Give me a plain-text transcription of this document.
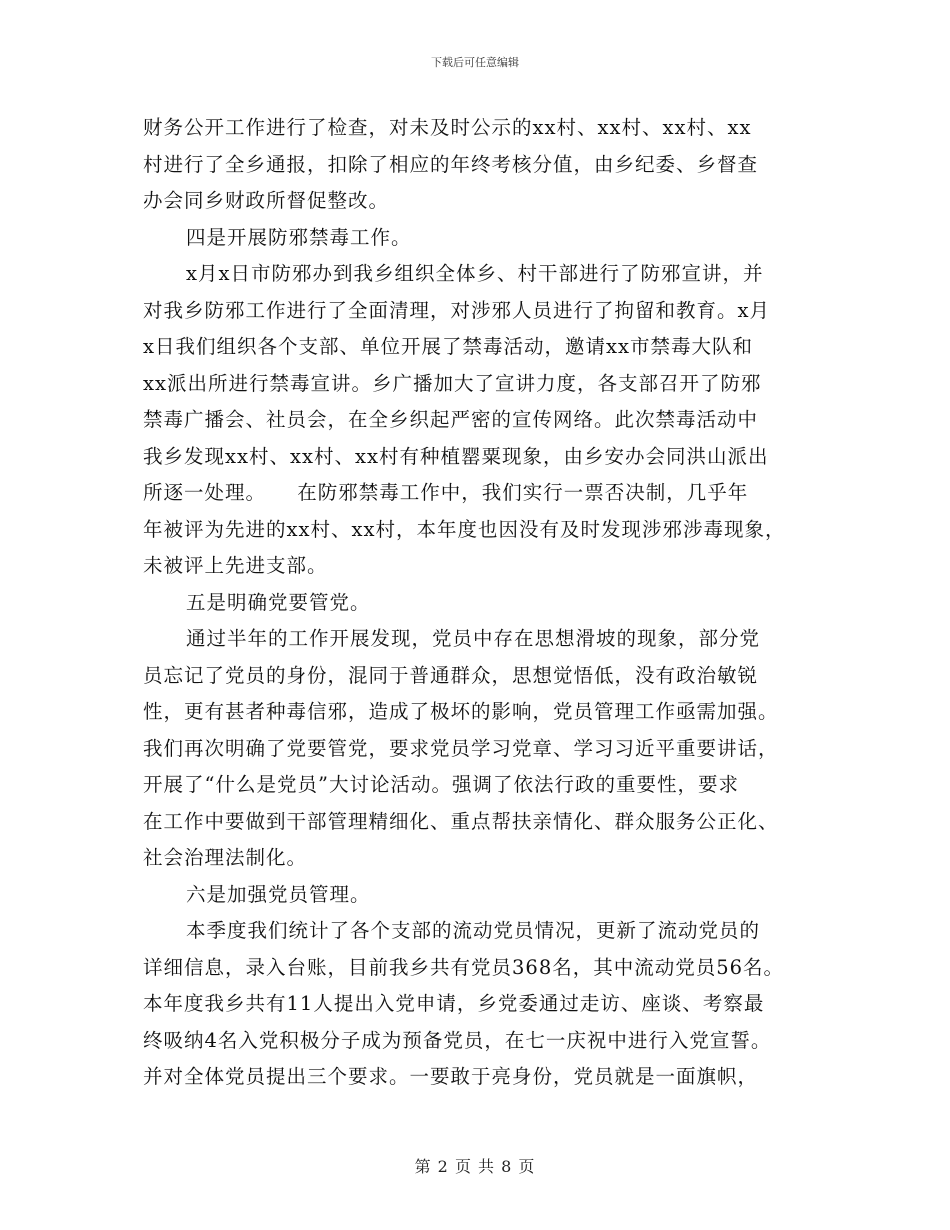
下载后可任意编辑
财务公开工作进行了检查，对未及时公示的xx村、xx村、xx村、xx
村进行了全乡通报，扣除了相应的年终考核分值，由乡纪委、乡督查
办会同乡财政所督促整改。
四是开展防邪禁毒工作。
x月x日市防邪办到我乡组织全体乡、村干部进行了防邪宣讲，并
对我乡防邪工作进行了全面清理，对涉邪人员进行了拘留和教育。x月
x日我们组织各个支部、单位开展了禁毒活动，邀请xx市禁毒大队和
xx派出所进行禁毒宣讲。乡广播加大了宣讲力度，各支部召开了防邪
禁毒广播会、社员会，在全乡织起严密的宣传网络。此次禁毒活动中
我乡发现xx村、xx村、xx村有种植罂粟现象，由乡安办会同洪山派出
所逐一处理。　　在防邪禁毒工作中，我们实行一票否决制，几乎年
年被评为先进的xx村、xx村，本年度也因没有及时发现涉邪涉毒现象，
未被评上先进支部。
五是明确党要管党。
通过半年的工作开展发现，党员中存在思想滑坡的现象，部分党
员忘记了党员的身份，混同于普通群众，思想觉悟低，没有政治敏锐
性，更有甚者种毒信邪，造成了极坏的影响，党员管理工作亟需加强。
我们再次明确了党要管党，要求党员学习党章、学习习近平重要讲话，
开展了“什么是党员”大讨论活动。强调了依法行政的重要性，要求
在工作中要做到干部管理精细化、重点帮扶亲情化、群众服务公正化、
社会治理法制化。
六是加强党员管理。
本季度我们统计了各个支部的流动党员情况，更新了流动党员的
详细信息，录入台账，目前我乡共有党员368名，其中流动党员56名。
本年度我乡共有11人提出入党申请，乡党委通过走访、座谈、考察最
终吸纳4名入党积极分子成为预备党员，在七一庆祝中进行入党宣誓。
并对全体党员提出三个要求。一要敢于亮身份，党员就是一面旗帜，
第 2 页 共 8 页
